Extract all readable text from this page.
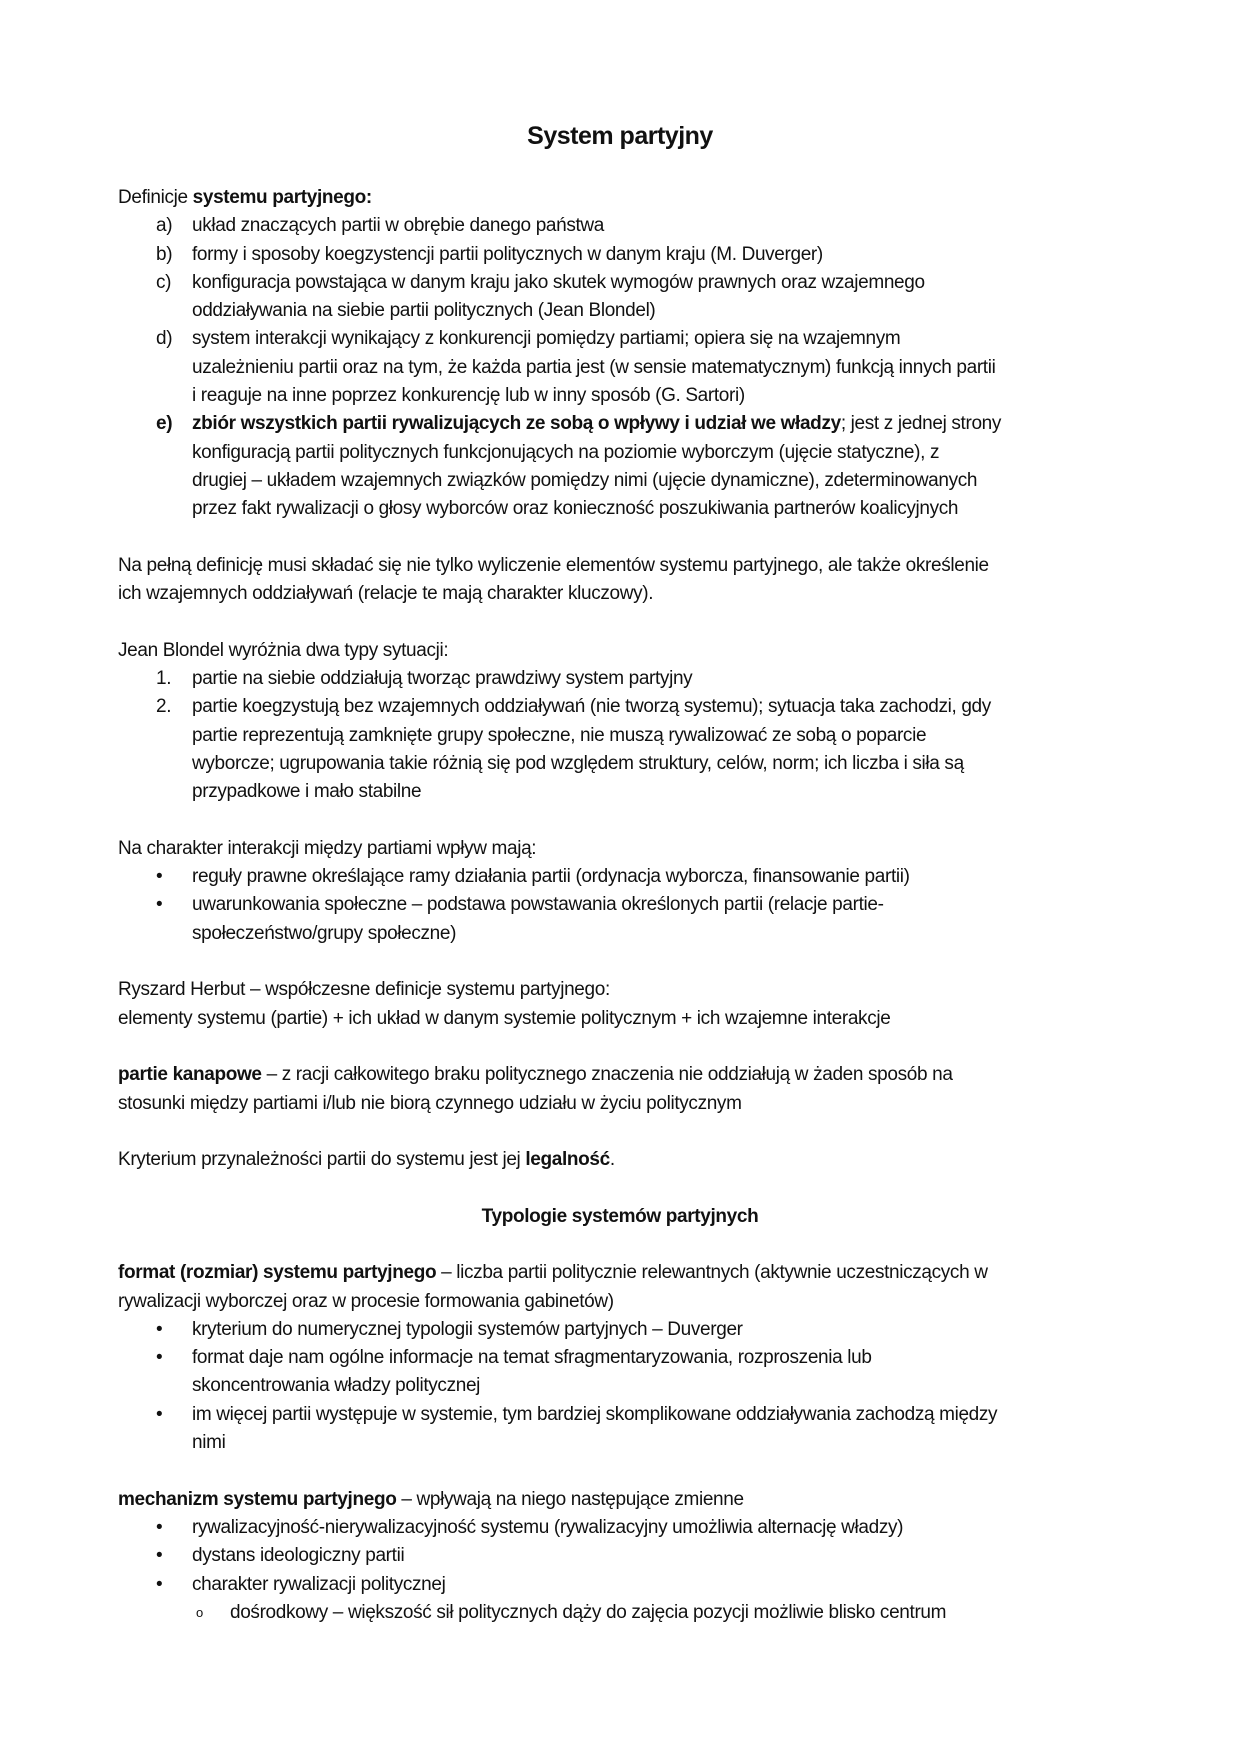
System partyjny
Definicje systemu partyjnego:
a) układ znaczących partii w obrębie danego państwa
b) formy i sposoby koegzystencji partii politycznych w danym kraju (M. Duverger)
c) konfiguracja powstająca w danym kraju jako skutek wymogów prawnych oraz wzajemnego
oddziaływania na siebie partii politycznych (Jean Blondel)
d) system interakcji wynikający z konkurencji pomiędzy partiami; opiera się na wzajemnym
uzależnieniu partii oraz na tym, że każda partia jest (w sensie matematycznym) funkcją innych partii
i reaguje na inne poprzez konkurencję lub w inny sposób (G. Sartori)
e) zbiór wszystkich partii rywalizujących ze sobą o wpływy i udział we władzy; jest z jednej strony
konfiguracją partii politycznych funkcjonujących na poziomie wyborczym (ujęcie statyczne), z
drugiej – układem wzajemnych związków pomiędzy nimi (ujęcie dynamiczne), zdeterminowanych
przez fakt rywalizacji o głosy wyborców oraz konieczność poszukiwania partnerów koalicyjnych
Na pełną definicję musi składać się nie tylko wyliczenie elementów systemu partyjnego, ale także określenie
ich wzajemnych oddziaływań (relacje te mają charakter kluczowy).
Jean Blondel wyróżnia dwa typy sytuacji:
1. partie na siebie oddziałują tworząc prawdziwy system partyjny
2. partie koegzystują bez wzajemnych oddziaływań (nie tworzą systemu); sytuacja taka zachodzi, gdy
partie reprezentują zamknięte grupy społeczne, nie muszą rywalizować ze sobą o poparcie
wyborcze; ugrupowania takie różnią się pod względem struktury, celów, norm; ich liczba i siła są
przypadkowe i mało stabilne
Na charakter interakcji między partiami wpływ mają:
• reguły prawne określające ramy działania partii (ordynacja wyborcza, finansowanie partii)
• uwarunkowania społeczne – podstawa powstawania określonych partii (relacje partie-
społeczeństwo/grupy społeczne)
Ryszard Herbut – współczesne definicje systemu partyjnego:
elementy systemu (partie) + ich układ w danym systemie politycznym + ich wzajemne interakcje
partie kanapowe – z racji całkowitego braku politycznego znaczenia nie oddziałują w żaden sposób na
stosunki między partiami i/lub nie biorą czynnego udziału w życiu politycznym
Kryterium przynależności partii do systemu jest jej legalność.
Typologie systemów partyjnych
format (rozmiar) systemu partyjnego – liczba partii politycznie relewantnych (aktywnie uczestniczących w
rywalizacji wyborczej oraz w procesie formowania gabinetów)
• kryterium do numerycznej typologii systemów partyjnych – Duverger
• format daje nam ogólne informacje na temat sfragmentaryzowania, rozproszenia lub
skoncentrowania władzy politycznej
• im więcej partii występuje w systemie, tym bardziej skomplikowane oddziaływania zachodzą między
nimi
mechanizm systemu partyjnego – wpływają na niego następujące zmienne
• rywalizacyjność-nierywalizacyjność systemu (rywalizacyjny umożliwia alternację władzy)
• dystans ideologiczny partii
• charakter rywalizacji politycznej
o dośrodkowy – większość sił politycznych dąży do zajęcia pozycji możliwie blisko centrum
